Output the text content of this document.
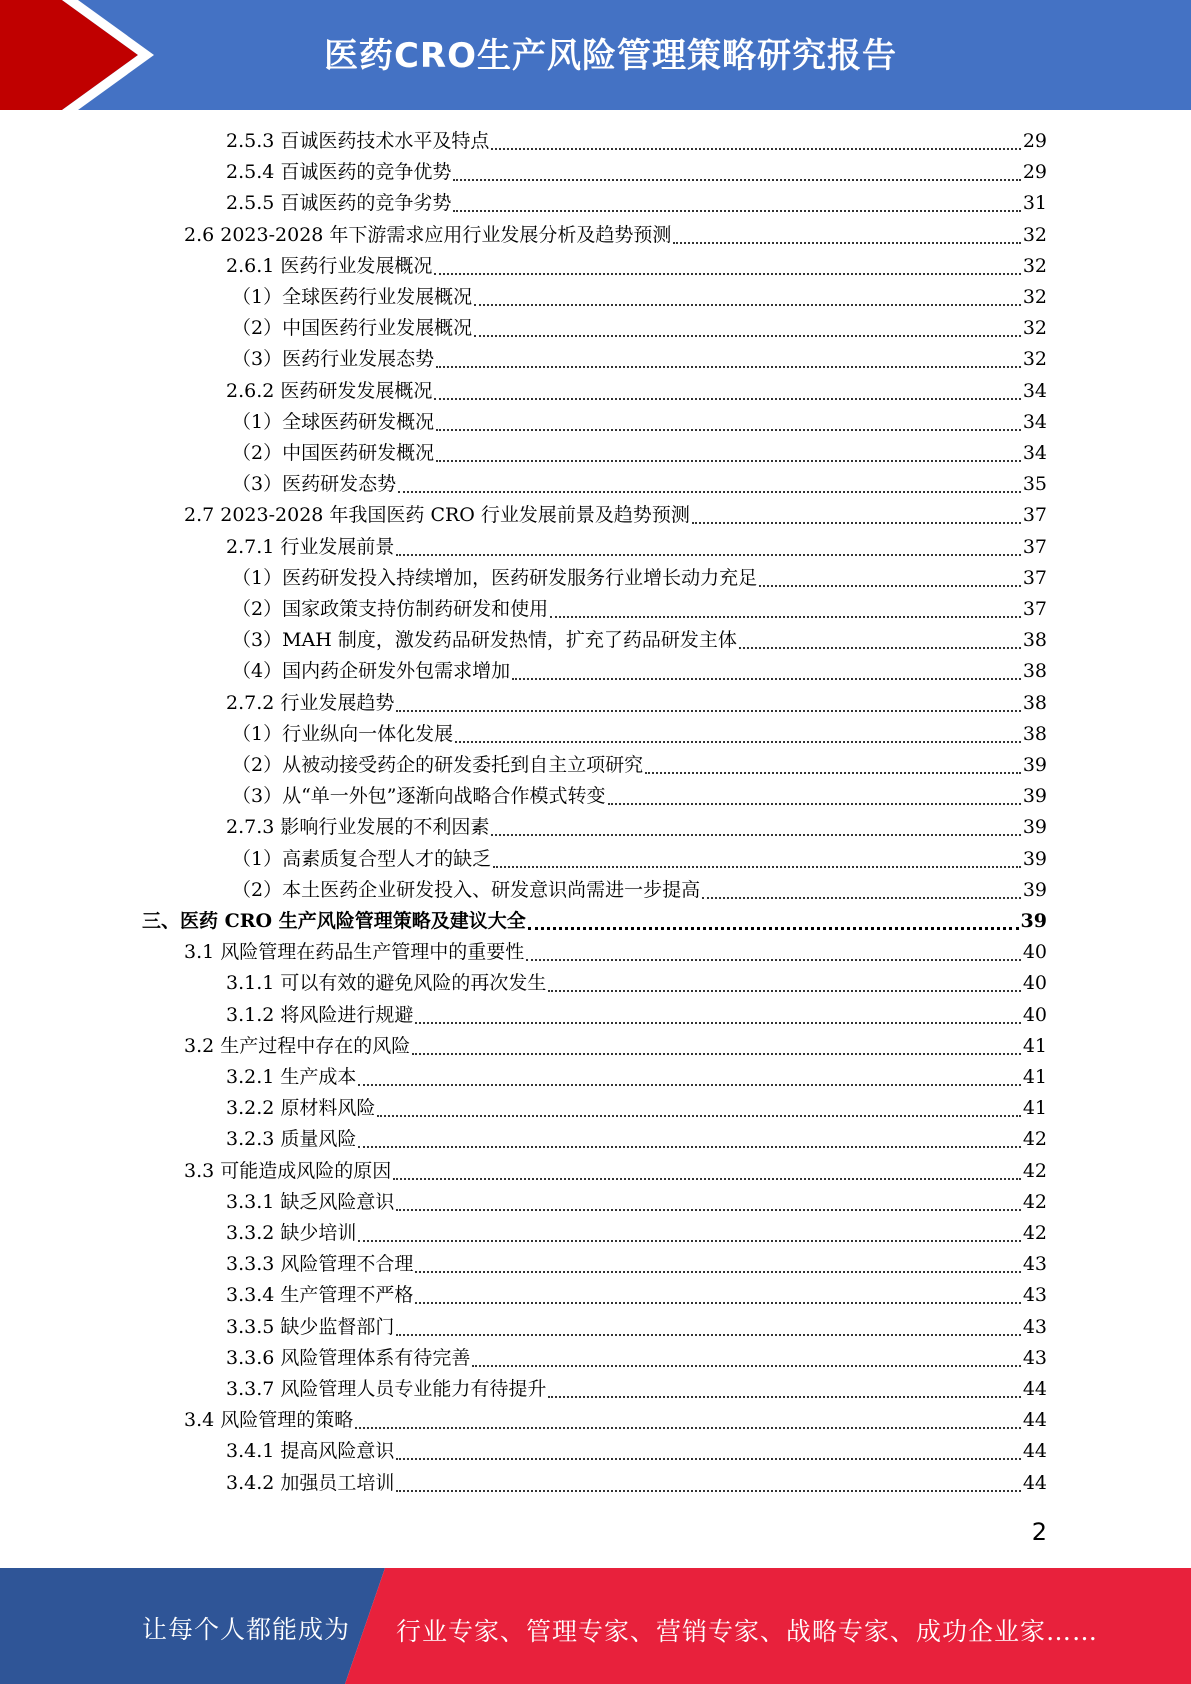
医药CRO生产风险管理策略研究报告
2.5.3 百诚医药技术水平及特点	29
2.5.4 百诚医药的竞争优势	29
2.5.5 百诚医药的竞争劣势	31
2.6 2023-2028 年下游需求应用行业发展分析及趋势预测	32
2.6.1 医药行业发展概况	32
（1）全球医药行业发展概况	32
（2）中国医药行业发展概况	32
（3）医药行业发展态势	32
2.6.2 医药研发发展概况	34
（1）全球医药研发概况	34
（2）中国医药研发概况	34
（3）医药研发态势	35
2.7 2023-2028 年我国医药 CRO 行业发展前景及趋势预测	37
2.7.1 行业发展前景	37
（1）医药研发投入持续增加，医药研发服务行业增长动力充足	37
（2）国家政策支持仿制药研发和使用	37
（3）MAH 制度，激发药品研发热情，扩充了药品研发主体	38
（4）国内药企研发外包需求增加	38
2.7.2 行业发展趋势	38
（1）行业纵向一体化发展	38
（2）从被动接受药企的研发委托到自主立项研究	39
（3）从“单一外包”逐渐向战略合作模式转变	39
2.7.3 影响行业发展的不利因素	39
（1）高素质复合型人才的缺乏	39
（2）本土医药企业研发投入、研发意识尚需进一步提高	39
三、医药 CRO 生产风险管理策略及建议大全	39
3.1 风险管理在药品生产管理中的重要性	40
3.1.1 可以有效的避免风险的再次发生	40
3.1.2 将风险进行规避	40
3.2 生产过程中存在的风险	41
3.2.1 生产成本	41
3.2.2 原材料风险	41
3.2.3 质量风险	42
3.3 可能造成风险的原因	42
3.3.1 缺乏风险意识	42
3.3.2 缺少培训	42
3.3.3 风险管理不合理	43
3.3.4 生产管理不严格	43
3.3.5 缺少监督部门	43
3.3.6 风险管理体系有待完善	43
3.3.7 风险管理人员专业能力有待提升	44
3.4 风险管理的策略	44
3.4.1 提高风险意识	44
3.4.2 加强员工培训	44
2
让每个人都能成为 行业专家、管理专家、营销专家、战略专家、成功企业家……
